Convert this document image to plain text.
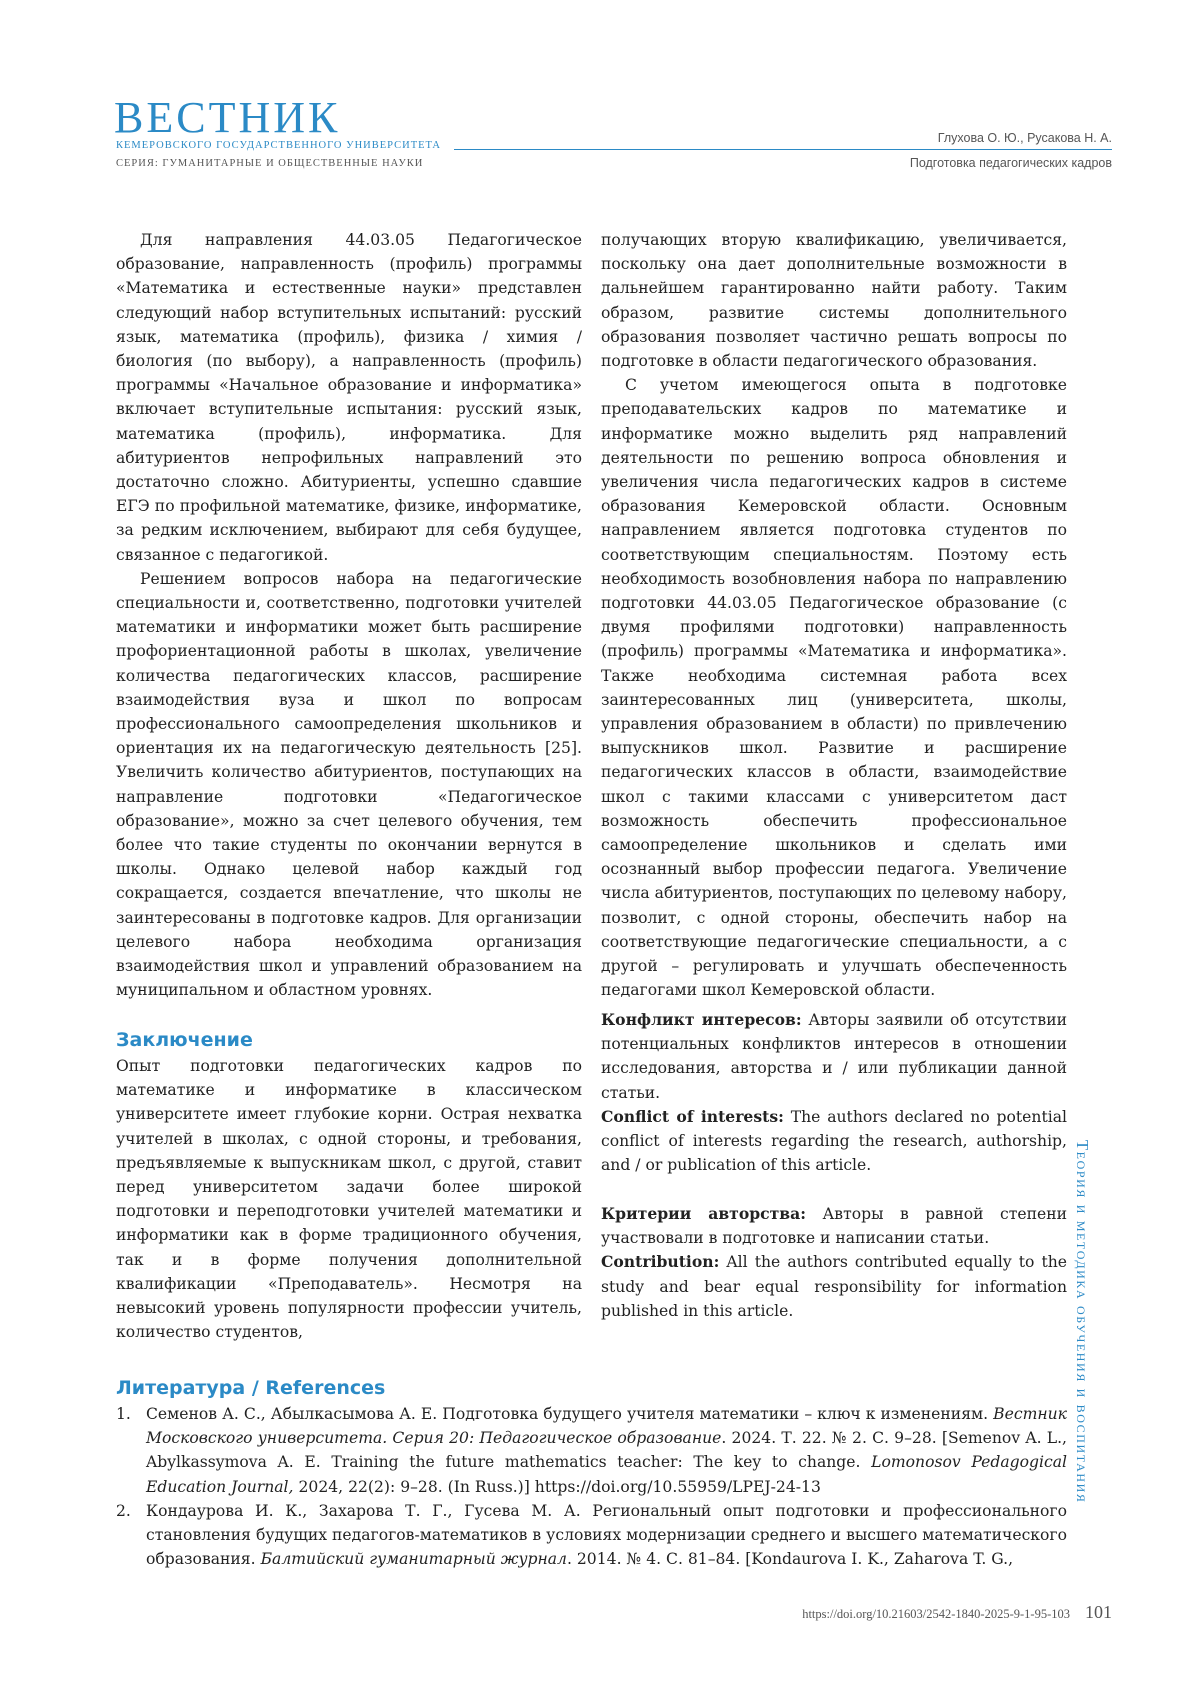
ВЕСТНИК
КЕМЕРОВСКОГО ГОСУДАРСТВЕННОГО УНИВЕРСИТЕТА
СЕРИЯ: ГУМАНИТАРНЫЕ И ОБЩЕСТВЕННЫЕ НАУКИ
Глухова О. Ю., Русакова Н. А.
Подготовка педагогических кадров

Для направления 44.03.05 Педагогическое образование, направленность (профиль) программы «Математика и естественные науки» представлен следующий набор вступительных испытаний: русский язык, математика (профиль), физика / химия / биология (по выбору), а направленность (профиль) программы «Начальное образование и информатика» включает вступительные испытания: русский язык, математика (профиль), информатика. Для абитуриентов непрофильных направлений это достаточно сложно. Абитуриенты, успешно сдавшие ЕГЭ по профильной математике, физике, информатике, за редким исключением, выбирают для себя будущее, связанное с педагогикой.

Решением вопросов набора на педагогические специальности и, соответственно, подготовки учителей математики и информатики может быть расширение профориентационной работы в школах, увеличение количества педагогических классов, расширение взаимодействия вуза и школ по вопросам профессионального самоопределения школьников и ориентация их на педагогическую деятельность [25]. Увеличить количество абитуриентов, поступающих на направление подготовки «Педагогическое образование», можно за счет целевого обучения, тем более что такие студенты по окончании вернутся в школы. Однако целевой набор каждый год сокращается, создается впечатление, что школы не заинтересованы в подготовке кадров. Для организации целевого набора необходима организация взаимодействия школ и управлений образованием на муниципальном и областном уровнях.

Заключение

Опыт подготовки педагогических кадров по математике и информатике в классическом университете имеет глубокие корни. Острая нехватка учителей в школах, с одной стороны, и требования, предъявляемые к выпускникам школ, с другой, ставит перед университетом задачи более широкой подготовки и переподготовки учителей математики и информатики как в форме традиционного обучения, так и в форме получения дополнительной квалификации «Преподаватель». Несмотря на невысокий уровень популярности профессии учитель, количество студентов,

получающих вторую квалификацию, увеличивается, поскольку она дает дополнительные возможности в дальнейшем гарантированно найти работу. Таким образом, развитие системы дополнительного образования позволяет частично решать вопросы по подготовке в области педагогического образования.

С учетом имеющегося опыта в подготовке преподавательских кадров по математике и информатике можно выделить ряд направлений деятельности по решению вопроса обновления и увеличения числа педагогических кадров в системе образования Кемеровской области. Основным направлением является подготовка студентов по соответствующим специальностям. Поэтому есть необходимость возобновления набора по направлению подготовки 44.03.05 Педагогическое образование (с двумя профилями подготовки) направленность (профиль) программы «Математика и информатика». Также необходима системная работа всех заинтересованных лиц (университета, школы, управления образованием в области) по привлечению выпускников школ. Развитие и расширение педагогических классов в области, взаимодействие школ с такими классами с университетом даст возможность обеспечить профессиональное самоопределение школьников и сделать ими осознанный выбор профессии педагога. Увеличение числа абитуриентов, поступающих по целевому набору, позволит, с одной стороны, обеспечить набор на соответствующие педагогические специальности, а с другой – регулировать и улучшать обеспеченность педагогами школ Кемеровской области.

Конфликт интересов: Авторы заявили об отсутствии потенциальных конфликтов интересов в отношении исследования, авторства и / или публикации данной статьи.

Conflict of interests: The authors declared no potential conflict of interests regarding the research, authorship, and / or publication of this article.

Критерии авторства: Авторы в равной степени участвовали в подготовке и написании статьи.

Contribution: All the authors contributed equally to the study and bear equal responsibility for information published in this article.

Литература / References

1. Семенов А. С., Абылкасымова А. Е. Подготовка будущего учителя математики – ключ к изменениям. Вестник Московского университета. Серия 20: Педагогическое образование. 2024. Т. 22. № 2. С. 9–28. [Semenov A. L., Abylkassymova A. E. Training the future mathematics teacher: The key to change. Lomonosov Pedagogical Education Journal, 2024, 22(2): 9–28. (In Russ.)] https://doi.org/10.55959/LPEJ-24-13

2. Кондаурова И. К., Захарова Т. Г., Гусева М. А. Региональный опыт подготовки и профессионального становления будущих педагогов-математиков в условиях модернизации среднего и высшего математического образования. Балтийский гуманитарный журнал. 2014. № 4. С. 81–84. [Kondaurova I. K., Zaharova T. G.,

Теория и методика обучения и воспитания
https://doi.org/10.21603/2542-1840-2025-9-1-95-103 101
